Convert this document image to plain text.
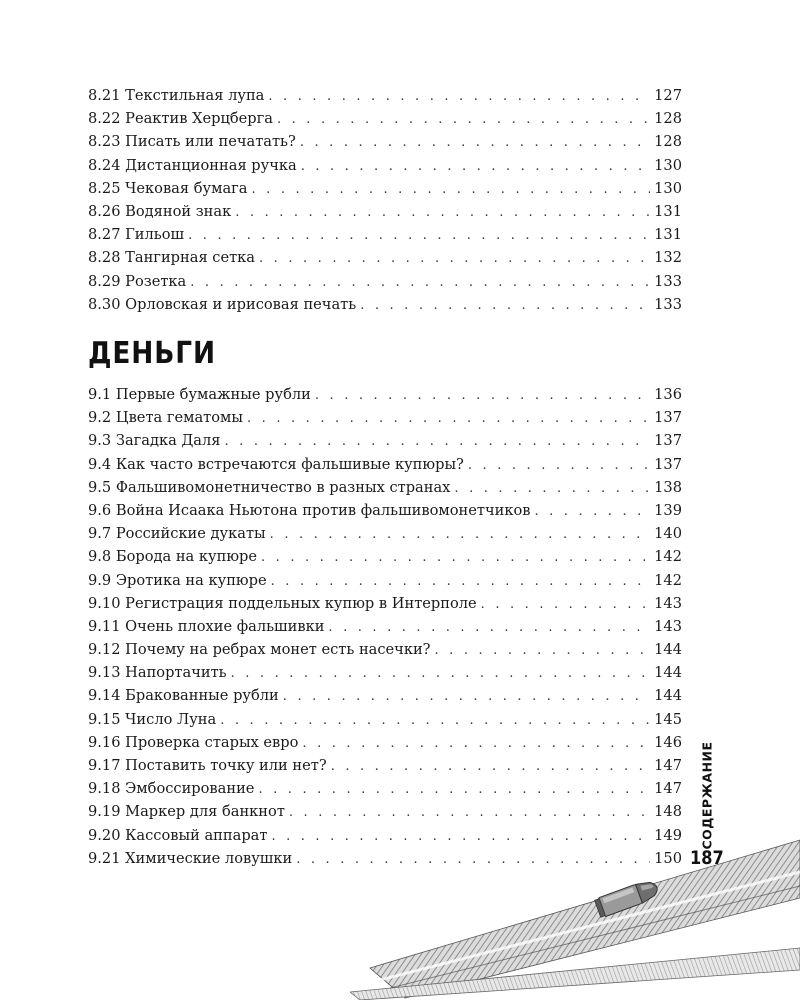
8.21 Текстильная лупа . . .	127
8.22 Реактив Херцберга . . .	128
8.23 Писать или печатать? . . .	128
8.24 Дистанционная ручка . . .	130
8.25 Чековая бумага . . .	130
8.26 Водяной знак . . .	131
8.27 Гильош . . .	131
8.28 Тангирная сетка . . .	132
8.29 Розетка . . .	133
8.30 Орловская и ирисовая печать . . .	133
ДЕНЬГИ
9.1 Первые бумажные рубли . . .	136
9.2 Цвета гематомы . . .	137
9.3 Загадка Даля . . .	137
9.4 Как часто встречаются фальшивые купюры? . . .	137
9.5 Фальшивомонетничество в разных странах . . .	138
9.6 Война Исаака Ньютона против фальшивомонетчиков . . .	139
9.7 Российские дукаты . . .	140
9.8 Борода на купюре . . .	142
9.9 Эротика на купюре . . .	142
9.10 Регистрация поддельных купюр в Интерполе . . .	143
9.11 Очень плохие фальшивки . . .	143
9.12 Почему на ребрах монет есть насечки? . . .	144
9.13 Напортачить . . .	144
9.14 Бракованные рубли . . .	144
9.15 Число Луна . . .	145
9.16 Проверка старых евро . . .	146
9.17 Поставить точку или нет? . . .	147
9.18 Эмбоссирование . . .	147
9.19 Маркер для банкнот . . .	148
9.20 Кассовый аппарат . . .	149
9.21 Химические ловушки . . .	150
СОДЕРЖАНИЕ
187
